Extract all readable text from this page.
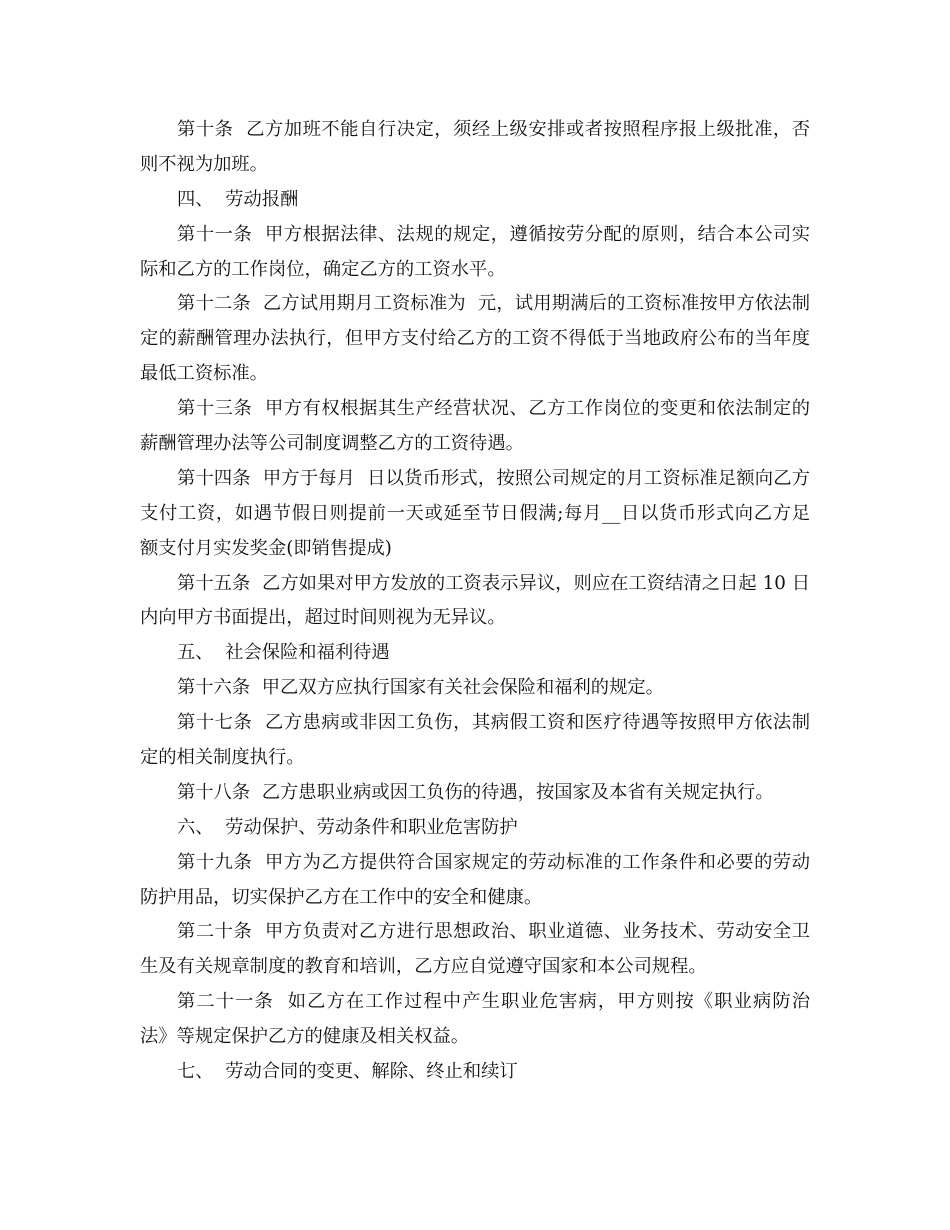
第十条  乙方加班不能自行决定，须经上级安排或者按照程序报上级批准，否
则不视为加班。
四、  劳动报酬
第十一条  甲方根据法律、法规的规定，遵循按劳分配的原则，结合本公司实
际和乙方的工作岗位，确定乙方的工资水平。
第十二条  乙方试用期月工资标准为  元，试用期满后的工资标准按甲方依法制
定的薪酬管理办法执行，但甲方支付给乙方的工资不得低于当地政府公布的当年度
最低工资标准。
第十三条  甲方有权根据其生产经营状况、乙方工作岗位的变更和依法制定的
薪酬管理办法等公司制度调整乙方的工资待遇。
第十四条  甲方于每月  日以货币形式，按照公司规定的月工资标准足额向乙方
支付工资，如遇节假日则提前一天或延至节日假满;每月__日以货币形式向乙方足
额支付月实发奖金(即销售提成)
第十五条  乙方如果对甲方发放的工资表示异议，则应在工资结清之日起 10 日
内向甲方书面提出，超过时间则视为无异议。
五、  社会保险和福利待遇
第十六条  甲乙双方应执行国家有关社会保险和福利的规定。
第十七条  乙方患病或非因工负伤，其病假工资和医疗待遇等按照甲方依法制
定的相关制度执行。
第十八条  乙方患职业病或因工负伤的待遇，按国家及本省有关规定执行。
六、  劳动保护、劳动条件和职业危害防护
第十九条  甲方为乙方提供符合国家规定的劳动标准的工作条件和必要的劳动
防护用品，切实保护乙方在工作中的安全和健康。
第二十条  甲方负责对乙方进行思想政治、职业道德、业务技术、劳动安全卫
生及有关规章制度的教育和培训，乙方应自觉遵守国家和本公司规程。
第二十一条  如乙方在工作过程中产生职业危害病，甲方则按《职业病防治
法》等规定保护乙方的健康及相关权益。
七、  劳动合同的变更、解除、终止和续订
